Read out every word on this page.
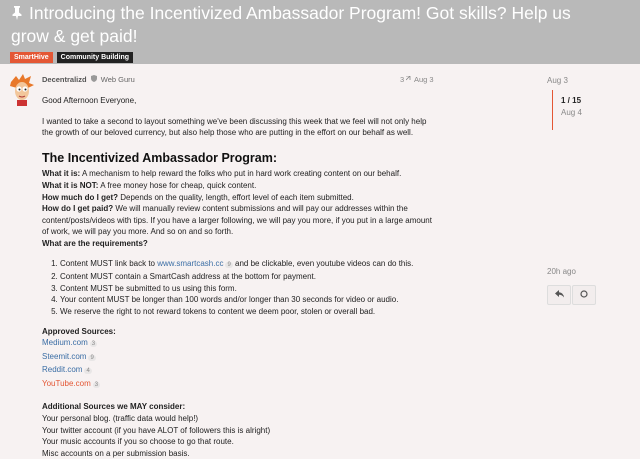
Introducing the Incentivized Ambassador Program! Got skills? Help us grow & get paid!
SmartHive	Community Building
Decentralizd Web Guru	3 Aug 3

Good Afternoon Everyone,

I wanted to take a second to layout something we've been discussing this week that we feel will not only help the growth of our beloved currency, but also help those who are putting in the effort on our behalf as well.

The Incentivized Ambassador Program:
What it is: A mechanism to help reward the folks who put in hard work creating content on our behalf.
What it is NOT: A free money hose for cheap, quick content.
How much do I get? Depends on the quality, length, effort level of each item submitted.
How do I get paid? We will manually review content submissions and will pay our addresses within the content/posts/videos with tips. If you have a larger following, we will pay you more, if you put in a large amount of work, we will pay you more. And so on and so forth.
What are the requirements?
1. Content MUST link back to www.smartcash.cc 9 and be clickable, even youtube videos can do this.
2. Content MUST contain a SmartCash address at the bottom for payment.
3. Content MUST be submitted to us using this form.
4. Your content MUST be longer than 100 words and/or longer than 30 seconds for video or audio.
5. We reserve the right to not reward tokens to content we deem poor, stolen or overall bad.
Approved Sources:
Medium.com 3
Steemit.com 9
Reddit.com 4
YouTube.com 3
Additional Sources we MAY consider:
Your personal blog. (traffic data would help!)
Your twitter account (if you have ALOT of followers this is alright)
Your music accounts if you so choose to go that route.
Misc accounts on a per submission basis.
Aug 3
1 / 15
Aug 4
20h ago
